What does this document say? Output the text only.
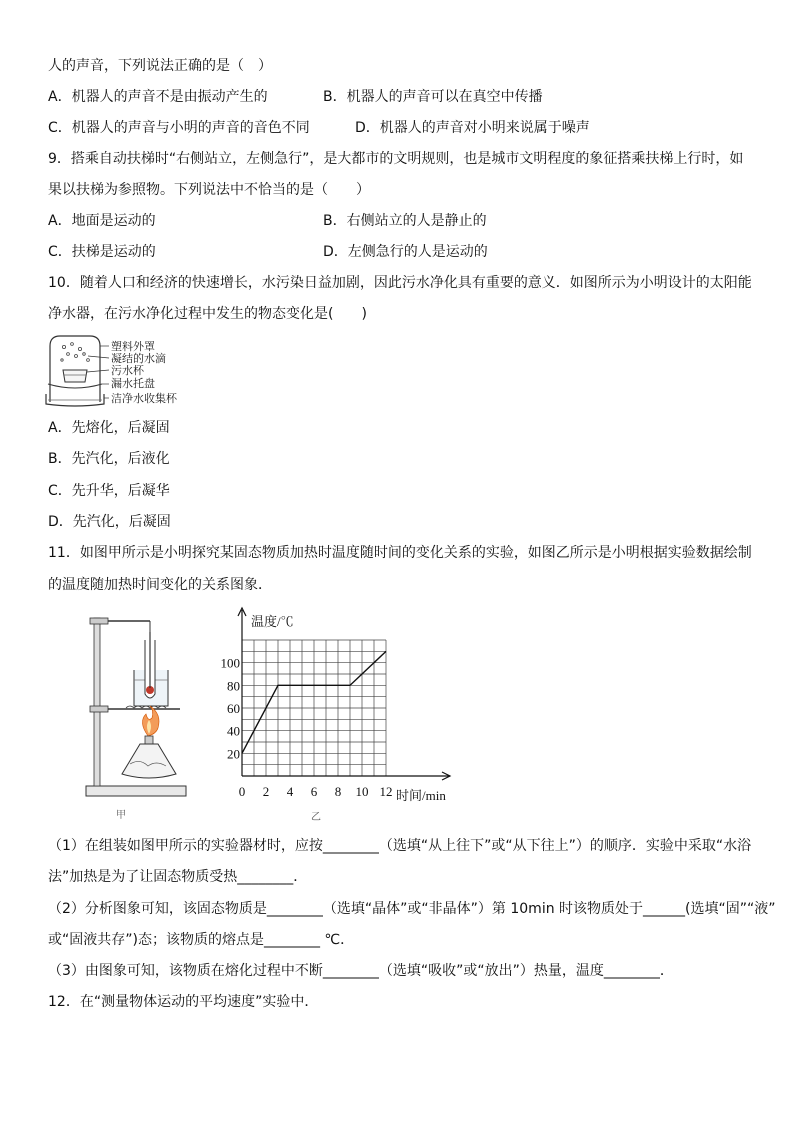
人的声音，下列说法正确的是（　）
A．机器人的声音不是由振动产生的	B．机器人的声音可以在真空中传播
C．机器人的声音与小明的声音的音色不同	D．机器人的声音对小明来说属于噪声
9．搭乘自动扶梯时“右侧站立，左侧急行”，是大都市的文明规则，也是城市文明程度的象征搭乘扶梯上行时，如
果以扶梯为参照物。下列说法中不恰当的是（　　）
A．地面是运动的	B．右侧站立的人是静止的
C．扶梯是运动的	D．左侧急行的人是运动的
10．随着人口和经济的快速增长，水污染日益加剧，因此污水净化具有重要的意义．如图所示为小明设计的太阳能
净水器，在污水净化过程中发生的物态变化是(　　)
塑料外罩
凝结的水滴
污水杯
漏水托盘
洁净水收集杯
A．先熔化，后凝固
B．先汽化，后液化
C．先升华，后凝华
D．先汽化，后凝固
11．如图甲所示是小明探究某固态物质加热时温度随时间的变化关系的实验，如图乙所示是小明根据实验数据绘制
的温度随加热时间变化的关系图象．
0 2 4 6 8 10 12
20
40
60
80
100
温度/℃
时间/min
甲	乙
（1）在组装如图甲所示的实验器材时，应按________（选填“从上往下”或“从下往上”）的顺序．实验中采取“水浴
法”加热是为了让固态物质受热________．
（2）分析图象可知，该固态物质是________（选填“晶体”或“非晶体”）第 10min 时该物质处于______(选填“固”“液”
或“固液共存”)态；该物质的熔点是________ ℃．
（3）由图象可知，该物质在熔化过程中不断________（选填“吸收”或“放出”）热量，温度________．
12．在“测量物体运动的平均速度”实验中．
